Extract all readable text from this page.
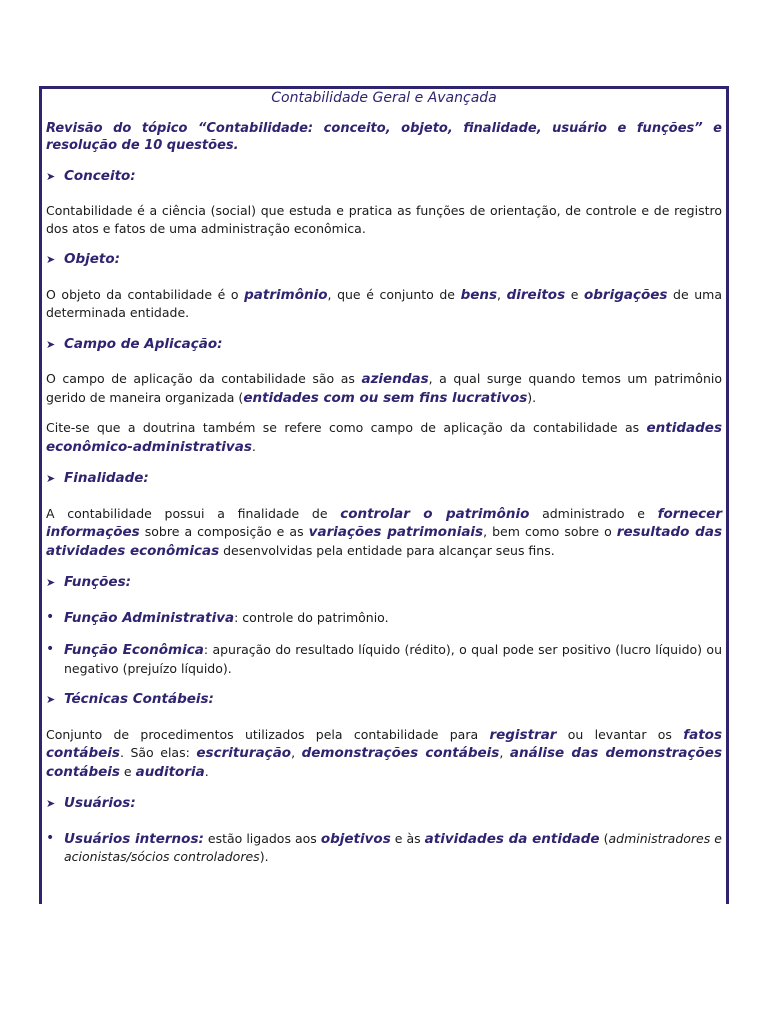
Contabilidade Geral e Avançada
Revisão do tópico “Contabilidade: conceito, objeto, finalidade, usuário e funções” e resolução de 10 questões.
➤ Conceito:

Contabilidade é a ciência (social) que estuda e pratica as funções de orientação, de controle e de registro dos atos e fatos de uma administração econômica.

➤ Objeto:

O objeto da contabilidade é o patrimônio, que é conjunto de bens, direitos e obrigações de uma determinada entidade.

➤ Campo de Aplicação:

O campo de aplicação da contabilidade são as aziendas, a qual surge quando temos um patrimônio gerido de maneira organizada (entidades com ou sem fins lucrativos).

Cite-se que a doutrina também se refere como campo de aplicação da contabilidade as entidades econômico-administrativas.

➤ Finalidade:

A contabilidade possui a finalidade de controlar o patrimônio administrado e fornecer informações sobre a composição e as variações patrimoniais, bem como sobre o resultado das atividades econômicas desenvolvidas pela entidade para alcançar seus fins.

➤ Funções:
• Função Administrativa: controle do patrimônio.
• Função Econômica: apuração do resultado líquido (rédito), o qual pode ser positivo (lucro líquido) ou negativo (prejuízo líquido).
➤ Técnicas Contábeis:

Conjunto de procedimentos utilizados pela contabilidade para registrar ou levantar os fatos contábeis. São elas: escrituração, demonstrações contábeis, análise das demonstrações contábeis e auditoria.

➤ Usuários:
• Usuários internos: estão ligados aos objetivos e às atividades da entidade (administradores e acionistas/sócios controladores).
